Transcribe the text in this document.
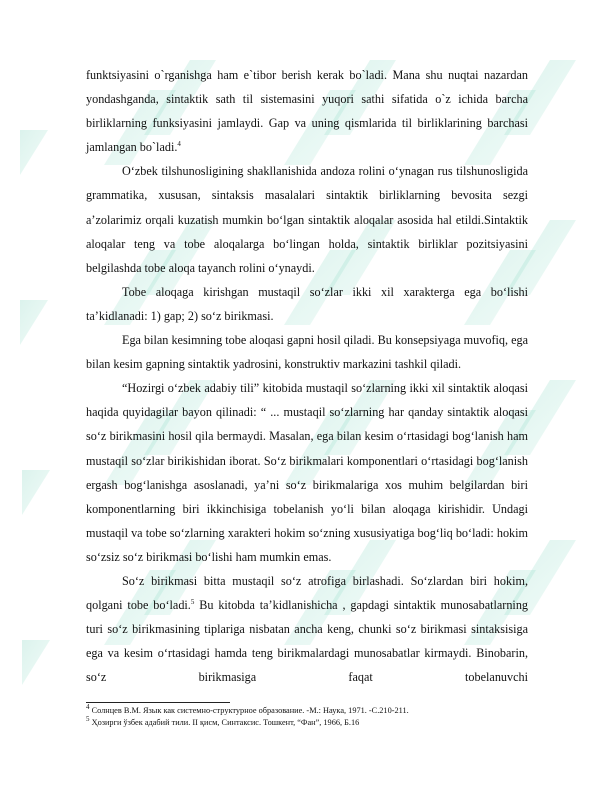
funktsiyasini o`rganishga ham e`tibor berish kerak bo`ladi. Mana shu nuqtai nazardan yondashganda, sintaktik sath til sistemasini yuqori sathi sifatida o`z ichida barcha birliklarning funksiyasini jamlaydi. Gap va uning qismlarida til birliklarining barchasi jamlangan bo`ladi.$^4$

O‘zbek tilshunosligining shakllanishida andoza rolini o‘ynagan rus tilshunosligida grammatika, xususan, sintaksis masalalari sintaktik birliklarning bevosita sezgi a’zolarimiz orqali kuzatish mumkin bo‘lgan sintaktik aloqalar asosida hal etildi.Sintaktik aloqalar teng va tobe aloqalarga bo‘lingan holda, sintaktik birliklar pozitsiyasini belgilashda tobe aloqa tayanch rolini o‘ynaydi.

Tobe aloqaga kirishgan mustaqil so‘zlar ikki xil xarakterga ega bo‘lishi ta’kidlanadi: 1) gap; 2) so‘z birikmasi.

Ega bilan kesimning tobe aloqasi gapni hosil qiladi. Bu konsepsiyaga muvofiq, ega bilan kesim gapning sintaktik yadrosini, konstruktiv markazini tashkil qiladi.

“Hozirgi o‘zbek adabiy tili” kitobida mustaqil so‘zlarning ikki xil sintaktik aloqasi haqida quyidagilar bayon qilinadi: “ ... mustaqil so‘zlarning har qanday sintaktik aloqasi so‘z birikmasini hosil qila bermaydi. Masalan, ega bilan kesim o‘rtasidagi bog‘lanish ham mustaqil so‘zlar birikishidan iborat. So‘z birikmalari komponentlari o‘rtasidagi bog‘lanish ergash bog‘lanishga asoslanadi, ya’ni so‘z birikmalariga xos muhim belgilardan biri komponentlarning biri ikkinchisiga tobelanish yo‘li bilan aloqaga kirishidir. Undagi mustaqil va tobe so‘zlarning xarakteri hokim so‘zning xususiyatiga bog‘liq bo‘ladi: hokim so‘zsiz so‘z birikmasi bo‘lishi ham mumkin emas.

So‘z birikmasi bitta mustaqil so‘z atrofiga birlashadi. So‘zlardan biri hokim, qolgani tobe bo‘ladi.$^5$ Bu kitobda ta’kidlanishicha , gapdagi sintaktik munosabatlarning turi so‘z birikmasining tiplariga nisbatan ancha keng, chunki so‘z birikmasi sintaksisiga ega va kesim o‘rtasidagi hamda teng birikmalardagi munosabatlar kirmaydi. Binobarin, so‘z birikmasiga faqat tobelanuvchi

$^4$ Солнцев В.М. Язык как системно-структурное образование. -М.: Наука, 1971. -С.210-211.
$^5$ Ҳозирги ўзбек адабий тили. II қисм, Синтаксис. Тошкент, “Фан”, 1966, Б.16
